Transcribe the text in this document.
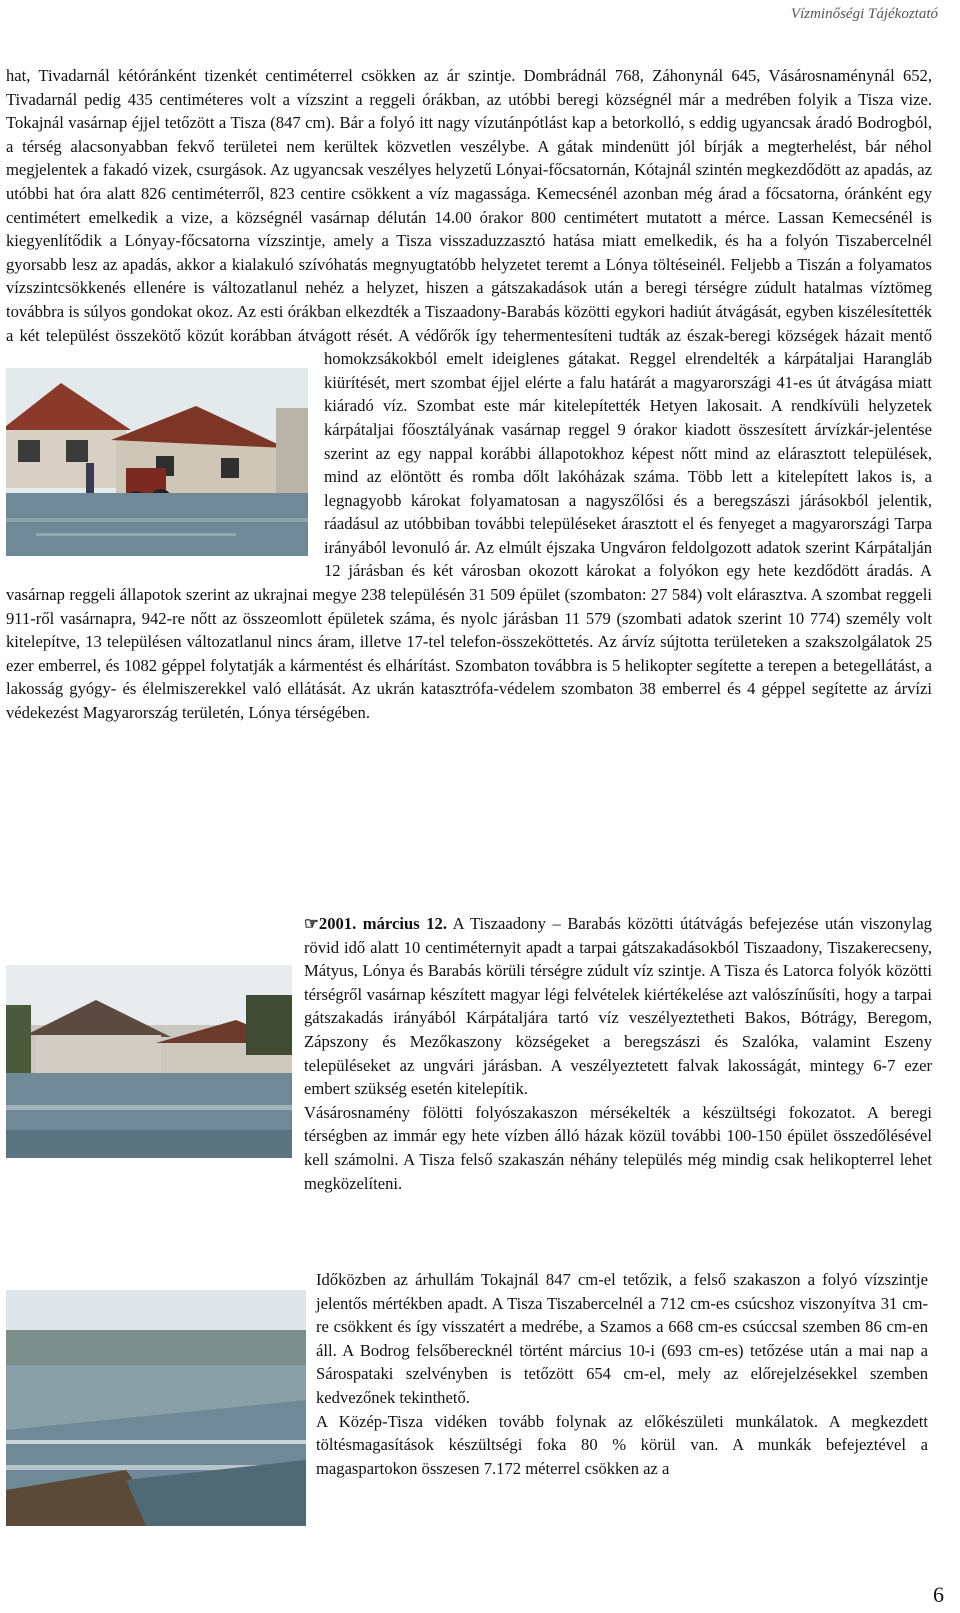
Vízminőségi Tájékoztató
hat, Tivadarnál kétóránként tizenkét centiméterrel csökken az ár szintje. Dombrádnál 768, Záhonynál 645, Vásárosnaménynál 652, Tivadarnál pedig 435 centiméteres volt a vízszint a reggeli órákban, az utóbbi beregi községnél már a medrében folyik a Tisza vize. Tokajnál vasárnap éjjel tetőzött a Tisza (847 cm). Bár a folyó itt nagy vízutánpótlást kap a betorkolló, s eddig ugyancsak áradó Bodrogból, a térség alacsonyabban fekvő területei nem kerültek közvetlen veszélybe. A gátak mindenütt jól bírják a megterhelést, bár néhol megjelentek a fakadó vizek, csurgások. Az ugyancsak veszélyes helyzetű Lónyai-főcsatornán, Kótajnál szintén megkezdődött az apadás, az utóbbi hat óra alatt 826 centiméterről, 823 centire csökkent a víz magassága. Kemecsénél azonban még árad a főcsatorna, óránként egy centimétert emelkedik a vize, a községnél vasárnap délután 14.00 órakor 800 centimétert mutatott a mérce. Lassan Kemecsénél is kiegyenlítődik a Lónyay-főcsatorna vízszintje, amely a Tisza visszaduzzasztó hatása miatt emelkedik, és ha a folyón Tiszabercelnél gyorsabb lesz az apadás, akkor a kialakuló szívóhatás megnyugtatóbb helyzetet teremt a Lónya töltéseinél. Feljebb a Tiszán a folyamatos vízszintcsökkenés ellenére is változatlanul nehéz a helyzet, hiszen a gátszakadások után a beregi térségre zúdult hatalmas víztömeg továbbra is súlyos gondokat okoz. Az esti órákban elkezdték a Tiszaadony-Barabás közötti egykori hadiút átvágását, egyben kiszélesítették a két települést összekötő közút korábban átvágott rését. A védőrők így tehermentesíteni tudták az észak-beregi községek házait mentő homokzsákokból emelt ideiglenes gátakat. Reggel elrendelték a kárpátaljai Harangláb kiürítését, mert szombat éjjel elérte a falu határát a magyarországi 41-es út átvágása miatt kiáradó víz. Szombat este már kitelepítették Hetyen lakosait. A rendkívüli helyzetek kárpátaljai főosztályának vasárnap reggel 9 órakor kiadott összesített árvízkár-jelentése szerint az egy nappal korábbi állapotokhoz képest nőtt mind az elárasztott települések, mind az elöntött és romba dőlt lakóházak száma. Több lett a kitelepített lakos is, a legnagyobb károkat folyamatosan a nagyszőlősi és a beregszászi járásokból jelentik, ráadásul az utóbbiban további településeket árasztott el és fenyeget a magyarországi Tarpa irányából levonuló ár. Az elmúlt éjszaka Ungváron feldolgozott adatok szerint Kárpátalján 12 járásban és két városban okozott károkat a folyókon egy hete kezdődött áradás. A vasárnap reggeli állapotok szerint az ukrajnai megye 238 településén 31 509 épület (szombaton: 27 584) volt elárasztva. A szombat reggeli 911-ről vasárnapra, 942-re nőtt az összeomlott épületek száma, és nyolc járásban 11 579 (szombati adatok szerint 10 774) személy volt kitelepítve, 13 településen változatlanul nincs áram, illetve 17-tel telefon-összeköttetés. Az árvíz sújtotta területeken a szakszolgálatok 25 ezer emberrel, és 1082 géppel folytatják a kármentést és elhárítást. Szombaton továbbra is 5 helikopter segítette a terepen a betegellátást, a lakosság gyógy- és élelmiszerekkel való ellátását. Az ukrán katasztrófa-védelem szombaton 38 emberrel és 4 géppel segítette az árvízi védekezést Magyarország területén, Lónya térségében.
6
☞2001. március 12. A Tiszaadony – Barabás közötti útátvágás befejezése után viszonylag rövid idő alatt 10 centiméternyit apadt a tarpai gátszakadásokból Tiszaadony, Tiszakerecseny, Mátyus, Lónya és Barabás körüli térségre zúdult víz szintje. A Tisza és Latorca folyók közötti térségről vasárnap készített magyar légi felvételek kiértékelése azt valószínűsíti, hogy a tarpai gátszakadás irányából Kárpátaljára tartó víz veszélyeztetheti Bakos, Bótrágy, Beregom, Zápszony és Mezőkaszony községeket a beregszászi és Szalóka, valamint Eszeny településeket az ungvári járásban. A veszélyeztetett falvak lakosságát, mintegy 6-7 ezer embert szükség esetén kitelepítik.
Vásárosnamény fölötti folyószakaszon mérsékelték a készültségi fokozatot. A beregi térségben az immár egy hete vízben álló házak közül további 100-150 épület összedőlésével kell számolni. A Tisza felső szakaszán néhány település még mindig csak helikopterrel lehet megközelíteni.
Időközben az árhullám Tokajnál 847 cm-el tetőzik, a felső szakaszon a folyó vízszintje jelentős mértékben apadt. A Tisza Tiszabercelnél a 712 cm-es csúcshoz viszonyítva 31 cm-re csökkent és így visszatért a medrébe, a Szamos a 668 cm-es csúccsal szemben 86 cm-en áll. A Bodrog felsőberecknél történt március 10-i (693 cm-es) tetőzése után a mai nap a Sárospataki szelvényben is tetőzött 654 cm-el, mely az előrejelzésekkel szemben kedvezőnek tekinthető.
A Közép-Tisza vidéken tovább folynak az előkészületi munkálatok. A megkezdett töltésmagasítások készültségi foka 80 % körül van. A munkák befejeztével a magaspartokon összesen 7.172 méterrel csökken az a
